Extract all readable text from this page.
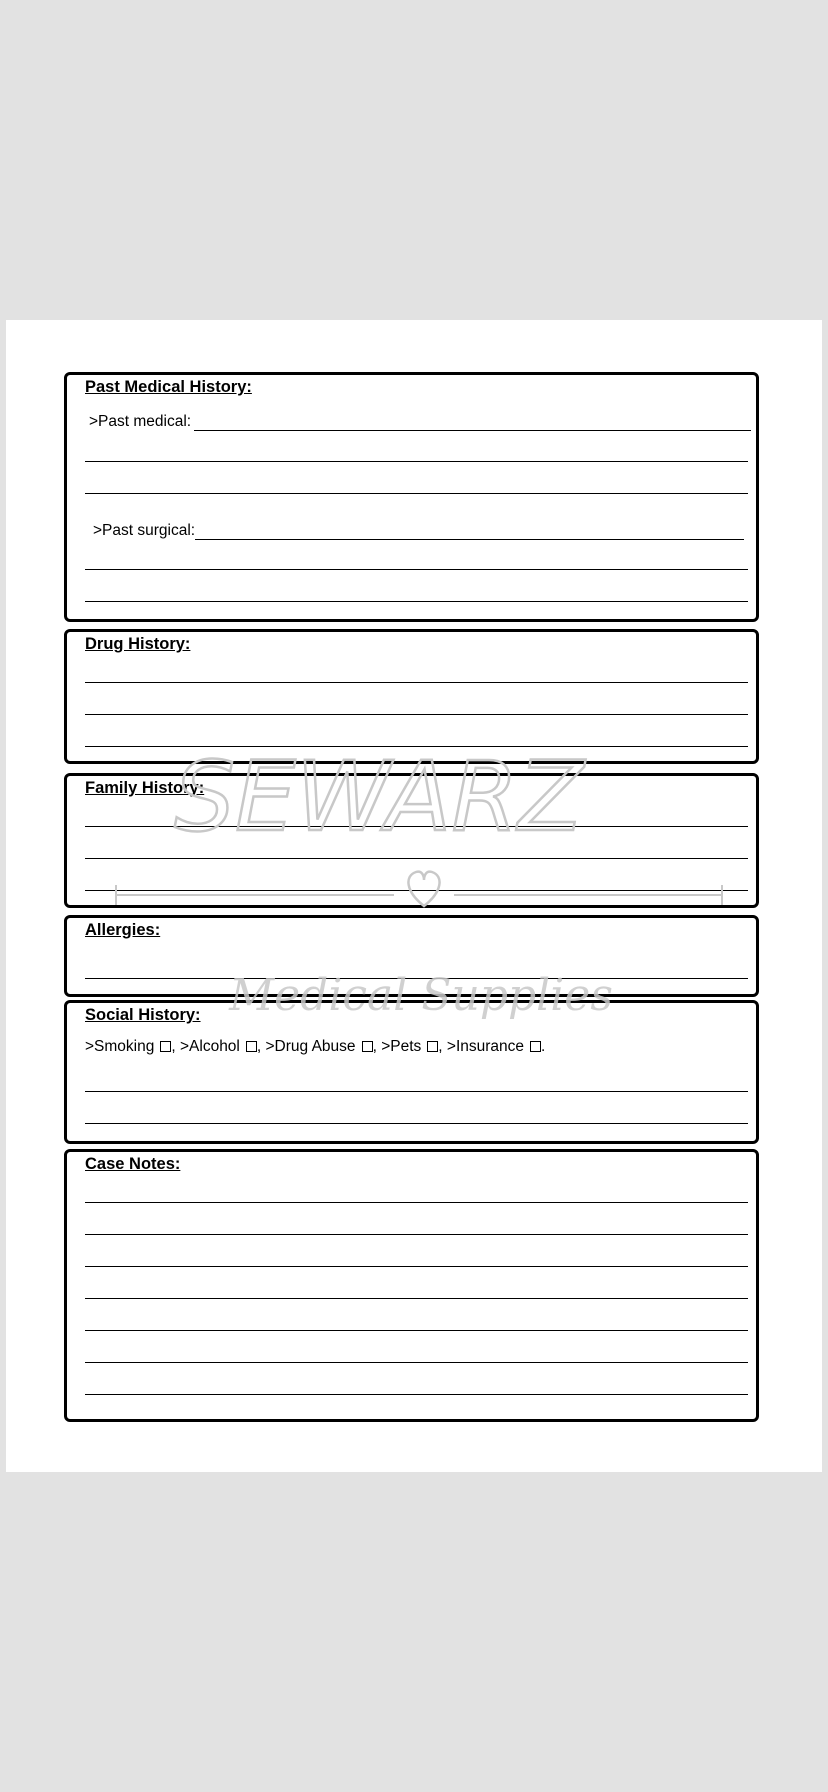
Past Medical History:
>Past medical:
>Past surgical:
Drug History:
Family History:
Allergies:
Social History:
>Smoking , >Alcohol , >Drug Abuse , >Pets , >Insurance .
Case Notes:
SEWARZ
Medical Supplies
